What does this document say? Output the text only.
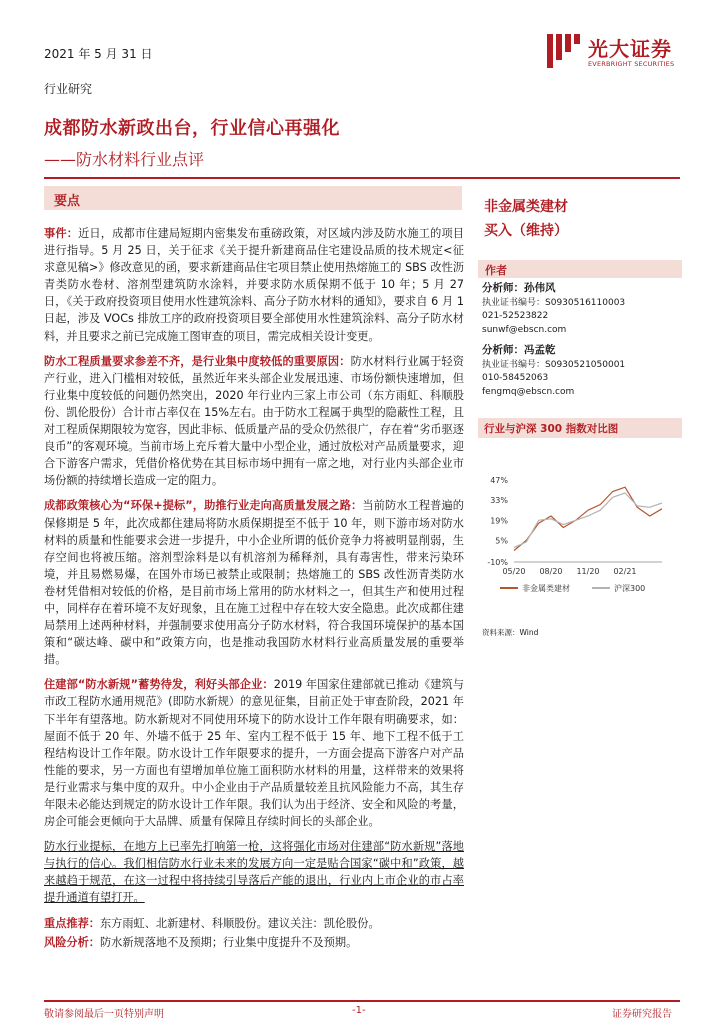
2021 年 5 月 31 日	光大证券
EVERBRIGHT SECURITIES
行业研究
成都防水新政出台，行业信心再强化
——防水材料行业点评
要点

事件：近日，成都市住建局短期内密集发布重磅政策，对区域内涉及防水施工的项目进行指导。5 月 25 日，关于征求《关于提升新建商品住宅建设品质的技术规定<征求意见稿>》修改意见的函，要求新建商品住宅项目禁止使用热熔施工的 SBS 改性沥青类防水卷材、溶剂型建筑防水涂料，并要求防水质保期不低于 10 年；5 月 27 日，《关于政府投资项目使用水性建筑涂料、高分子防水材料的通知》，要求自 6 月 1 日起，涉及 VOCs 排放工序的政府投资项目要全部使用水性建筑涂料、高分子防水材料，并且要求之前已完成施工图审查的项目，需完成相关设计变更。

防水工程质量要求参差不齐，是行业集中度较低的重要原因：防水材料行业属于轻资产行业，进入门槛相对较低，虽然近年来头部企业发展迅速、市场份额快速增加，但行业集中度较低的问题仍然突出，2020 年行业内三家上市公司（东方雨虹、科顺股份、凯伦股份）合计市占率仅在 15%左右。由于防水工程属于典型的隐蔽性工程，且对工程质保期限较为宽容，因此非标、低质量产品的受众仍然很广，存在着“劣币驱逐良币”的客观环境。当前市场上充斥着大量中小型企业，通过放松对产品质量要求，迎合下游客户需求，凭借价格优势在其目标市场中拥有一席之地，对行业内头部企业市场份额的持续增长造成一定的阻力。

成都政策核心为“环保+提标”，助推行业走向高质量发展之路：当前防水工程普遍的保修期是 5 年，此次成都住建局将防水质保期提至不低于 10 年，则下游市场对防水材料的质量和性能要求会进一步提升，中小企业所谓的低价竞争力将被明显削弱，生存空间也将被压缩。溶剂型涂料是以有机溶剂为稀释剂，具有毒害性，带来污染环境，并且易燃易爆，在国外市场已被禁止或限制；热熔施工的 SBS 改性沥青类防水卷材凭借相对较低的价格，是目前市场上常用的防水材料之一，但其生产和使用过程中，同样存在着环境不友好现象，且在施工过程中存在较大安全隐患。此次成都住建局禁用上述两种材料，并强制要求使用高分子防水材料，符合我国环境保护的基本国策和“碳达峰、碳中和”政策方向，也是推动我国防水材料行业高质量发展的重要举措。

住建部“防水新规”蓄势待发，利好头部企业：2019 年国家住建部就已推动《建筑与市政工程防水通用规范》(即防水新规）的意见征集，目前正处于审查阶段，2021 年下半年有望落地。防水新规对不同使用环境下的防水设计工作年限有明确要求，如：屋面不低于 20 年、外墙不低于 25 年、室内工程不低于 15 年、地下工程不低于工程结构设计工作年限。防水设计工作年限要求的提升，一方面会提高下游客户对产品性能的要求，另一方面也有望增加单位施工面积防水材料的用量，这样带来的效果将是行业需求与集中度的双升。中小企业由于产品质量较差且抗风险能力不高，其生存年限未必能达到规定的防水设计工作年限。我们认为出于经济、安全和风险的考量，房企可能会更倾向于大品牌、质量有保障且存续时间长的头部企业。

防水行业提标，在地方上已率先打响第一枪，这将强化市场对住建部“防水新规”落地与执行的信心。我们相信防水行业未来的发展方向一定是贴合国家“碳中和”政策，越来越趋于规范，在这一过程中将持续引导落后产能的退出，行业内上市企业的市占率提升通道有望打开。

重点推荐：东方雨虹、北新建材、科顺股份。建议关注：凯伦股份。

风险分析：防水新规落地不及预期；行业集中度提升不及预期。

非金属类建材
买入（维持）
作者
分析师：孙伟风
执业证书编号：S0930516110003
021-52523822
sunwf@ebscn.com
分析师：冯孟乾
执业证书编号：S0930521050001
010-58452063
fengmq@ebscn.com
行业与沪深 300 指数对比图
47%
33%
19%
5%
-10%
05/20 08/20 11/20 02/21
非金属类建材	沪深300
资料来源：Wind
敬请参阅最后一页特别声明	-1-	证券研究报告
